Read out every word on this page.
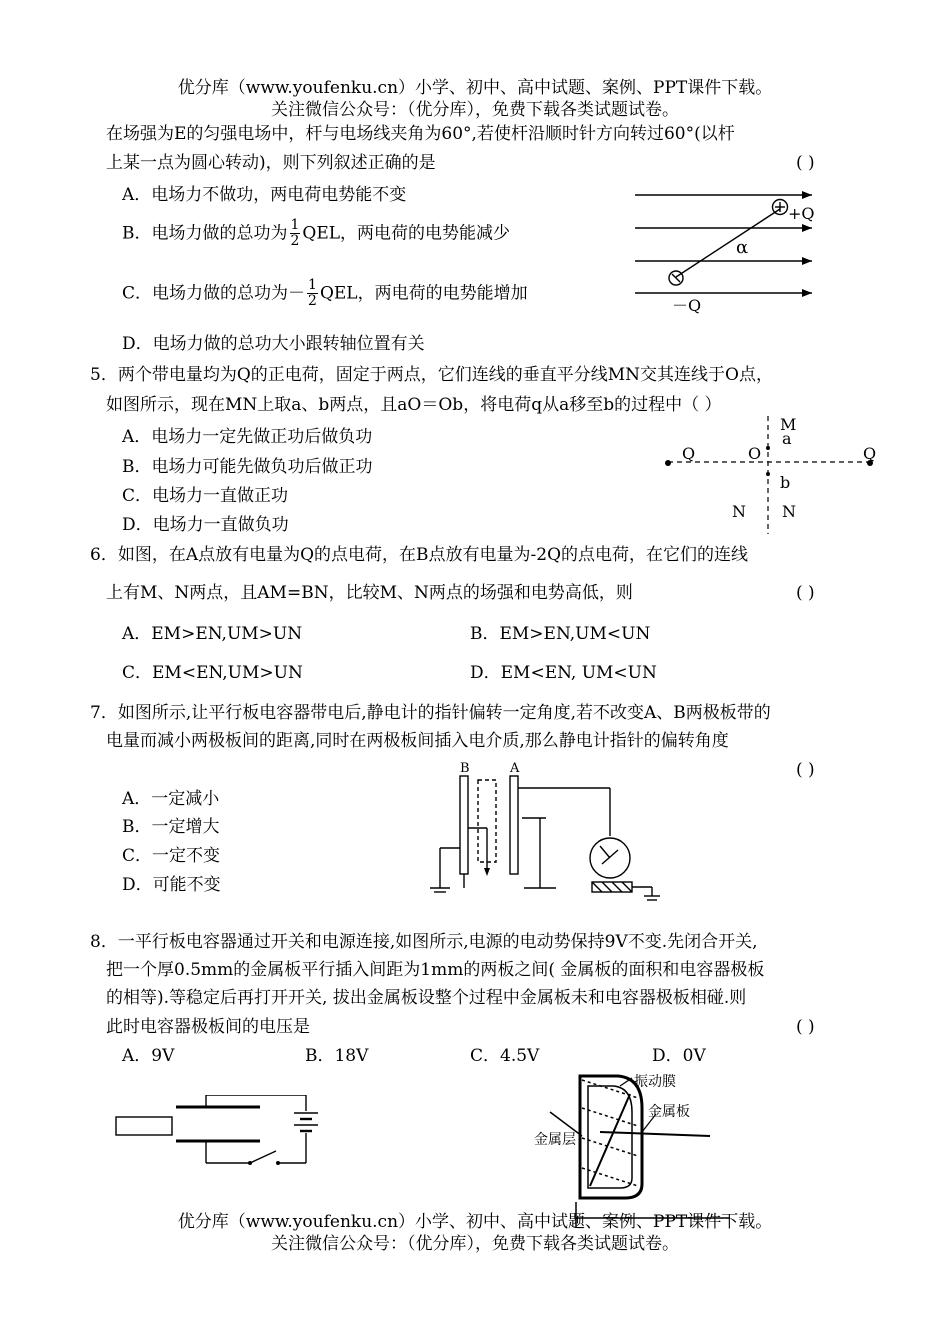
优分库（www.youfenku.cn）小学、初中、高中试题、案例、PPT课件下载。
关注微信公众号：（优分库），免费下载各类试题试卷。
在场强为E的匀强电场中，杆与电场线夹角为60°,若使杆沿顺时针方向转过60°(以杆
上某一点为圆心转动)，则下列叙述正确的是	( )
A．电场力不做功，两电荷电势能不变
B．电场力做的总功为 $\frac{1}{2}$ QEL，两电荷的电势能减少
C．电场力做的总功为－ $\frac{1}{2}$ QEL，两电荷的电势能增加
D．电场力做的总功大小跟转轴位置有关
+Q
α
－Q
5．两个带电量均为Q的正电荷，固定于两点，它们连线的垂直平分线MN交其连线于O点，
如图所示，现在MN上取a、b两点，且aO＝Ob，将电荷q从a移至b的过程中（ ）
A．电场力一定先做正功后做负功
B．电场力可能先做负功后做正功
C．电场力一直做正功
D．电场力一直做负功
M
a
Q	O	Q
b
N N
6．如图，在A点放有电量为Q的点电荷，在B点放有电量为-2Q的点电荷，在它们的连线
上有M、N两点，且AM=BN，比较M、N两点的场强和电势高低，则	( )
A．EM>EN,UM>UN	B．EM>EN,UM<UN
C．EM<EN,UM>UN	D．EM<EN, UM<UN
7．如图所示,让平行板电容器带电后,静电计的指针偏转一定角度,若不改变A、B两极板带的
电量而减小两极板间的距离,同时在两极板间插入电介质,那么静电计指针的偏转角度
( )
A．一定减小
B．一定增大
C．一定不变
D．可能不变
B	A
8．一平行板电容器通过开关和电源连接,如图所示,电源的电动势保持9V不变.先闭合开关,
把一个厚0.5mm的金属板平行插入间距为1mm的两板之间( 金属板的面积和电容器极板
的相等).等稳定后再打开开关, 拔出金属板设整个过程中金属板未和电容器极板相碰.则
此时电容器极板间的电压是	( )
A．9V	B．18V	C．4.5V	D．0V
振动膜
金属板
金属层
优分库（www.youfenku.cn）小学、初中、高中试题、案例、PPT课件下载。
关注微信公众号：（优分库），免费下载各类试题试卷。
